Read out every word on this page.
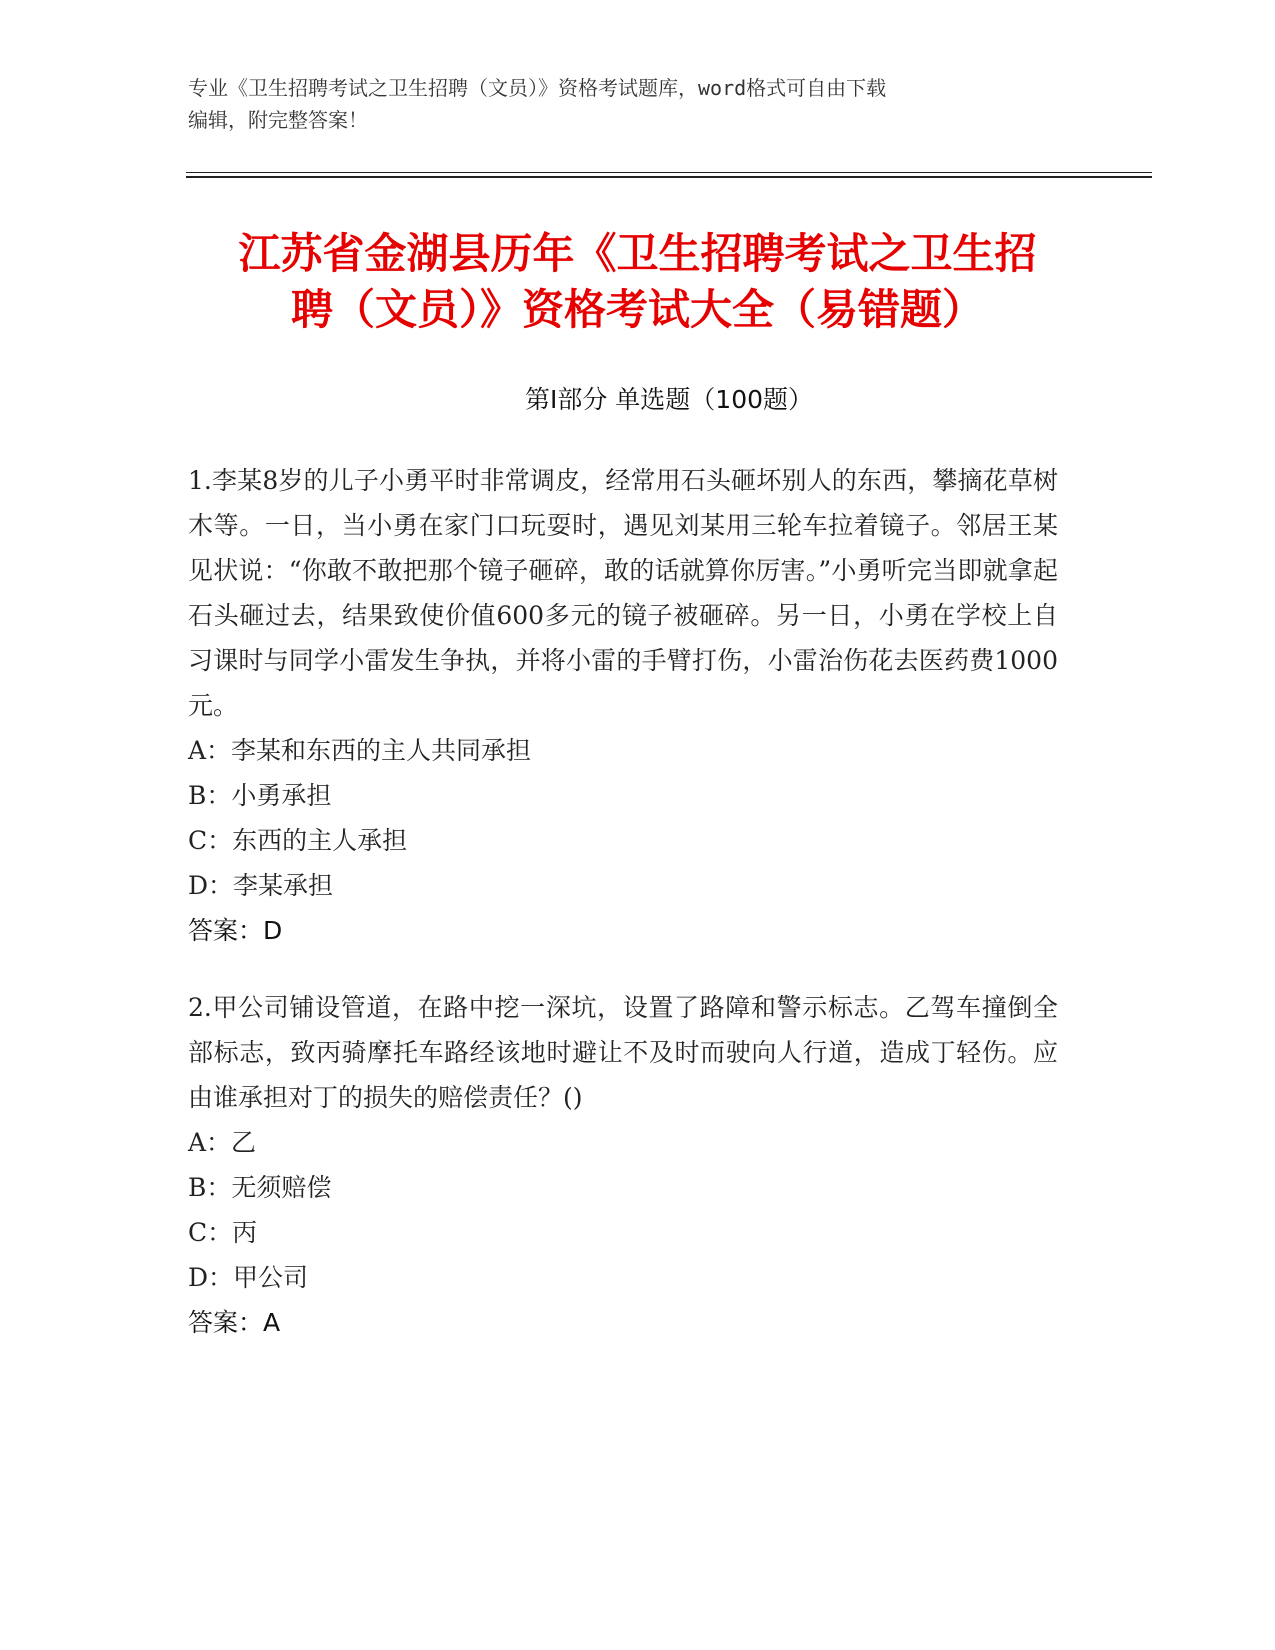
专业《卫生招聘考试之卫生招聘（文员）》资格考试题库，word格式可自由下载
编辑，附完整答案！
江苏省金湖县历年《卫生招聘考试之卫生招
聘（文员）》资格考试大全（易错题）
第Ⅰ部分 单选题（100题）
1.李某8岁的儿子小勇平时非常调皮，经常用石头砸坏别人的东西，攀摘花草树木等。一日，当小勇在家门口玩耍时，遇见刘某用三轮车拉着镜子。邻居王某见状说：“你敢不敢把那个镜子砸碎，敢的话就算你厉害。”小勇听完当即就拿起石头砸过去，结果致使价值600多元的镜子被砸碎。另一日，小勇在学校上自习课时与同学小雷发生争执，并将小雷的手臂打伤，小雷治伤花去医药费1000元。
A：李某和东西的主人共同承担
B：小勇承担
C：东西的主人承担
D：李某承担
答案：D
2.甲公司铺设管道，在路中挖一深坑，设置了路障和警示标志。乙驾车撞倒全部标志，致丙骑摩托车路经该地时避让不及时而驶向人行道，造成丁轻伤。应由谁承担对丁的损失的赔偿责任？()
A：乙
B：无须赔偿
C：丙
D：甲公司
答案：A
